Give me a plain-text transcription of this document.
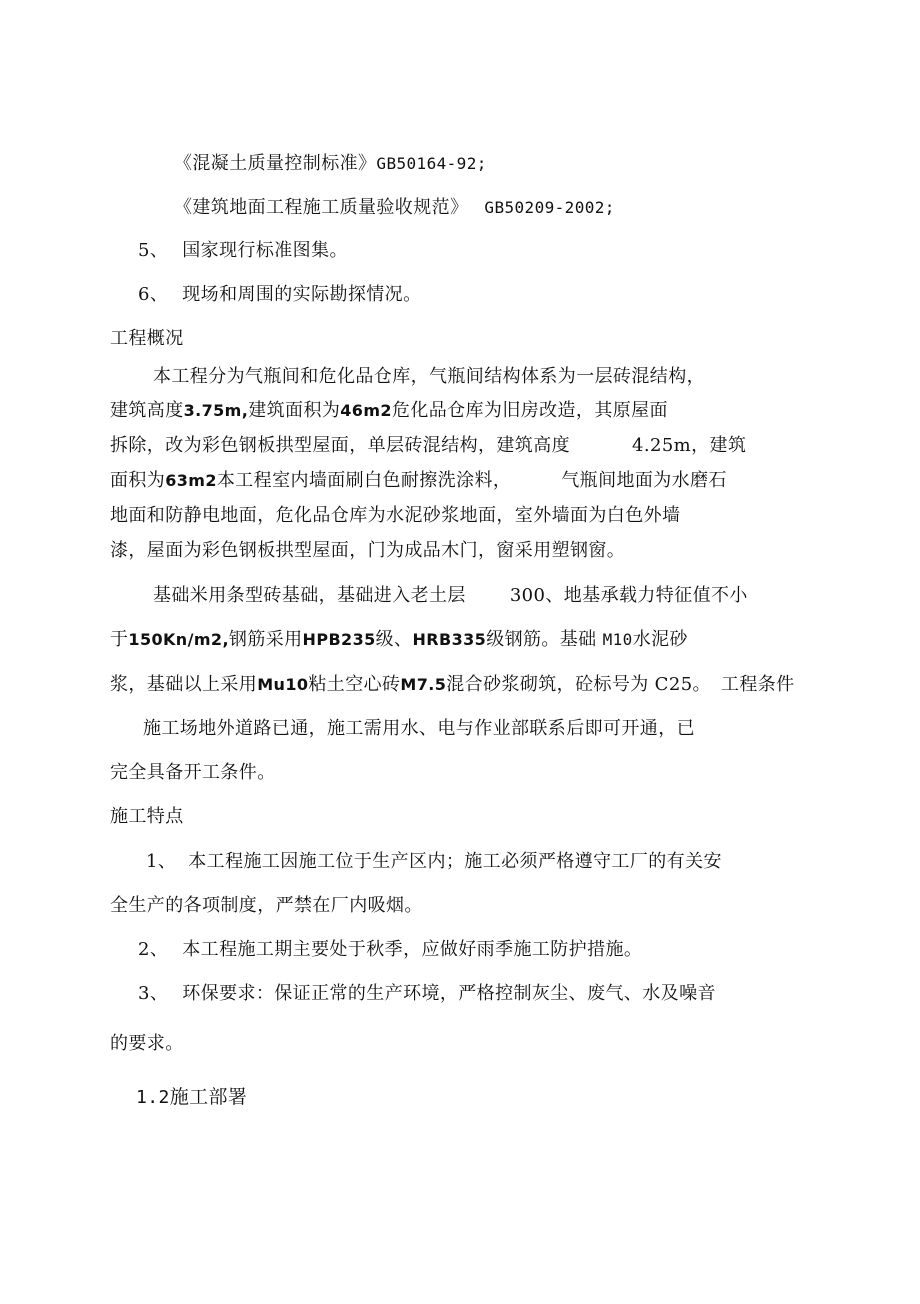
《混凝土质量控制标准》GB50164-92;
《建筑地面工程施工质量验收规范》 GB50209-2002;
5、 国家现行标准图集。
6、 现场和周围的实际勘探情况。
工程概况
本工程分为气瓶间和危化品仓库，气瓶间结构体系为一层砖混结构，
建筑高度3.75m,建筑面积为46m2危化品仓库为旧房改造，其原屋面
拆除，改为彩色钢板拱型屋面，单层砖混结构，建筑高度	4.25m，建筑
面积为63m2本工程室内墙面刷白色耐擦洗涂料，	气瓶间地面为水磨石
地面和防静电地面，危化品仓库为水泥砂浆地面，室外墙面为白色外墙
漆，屋面为彩色钢板拱型屋面，门为成品木门，窗采用塑钢窗。
基础米用条型砖基础，基础进入老土层 300、地基承载力特征值不小
于150Kn/m2,钢筋采用HPB235级、HRB335级钢筋。基础 M10水泥砂
浆，基础以上采用Mu10粘土空心砖M7.5混合砂浆砌筑，砼标号为 C25。 工程条件
施工场地外道路已通，施工需用水、电与作业部联系后即可开通，已
完全具备开工条件。
施工特点
1、 本工程施工因施工位于生产区内；施工必须严格遵守工厂的有关安
全生产的各项制度，严禁在厂内吸烟。
2、 本工程施工期主要处于秋季，应做好雨季施工防护措施。
3、 环保要求：保证正常的生产环境，严格控制灰尘、废气、水及噪音
的要求。
1.2施工部署
